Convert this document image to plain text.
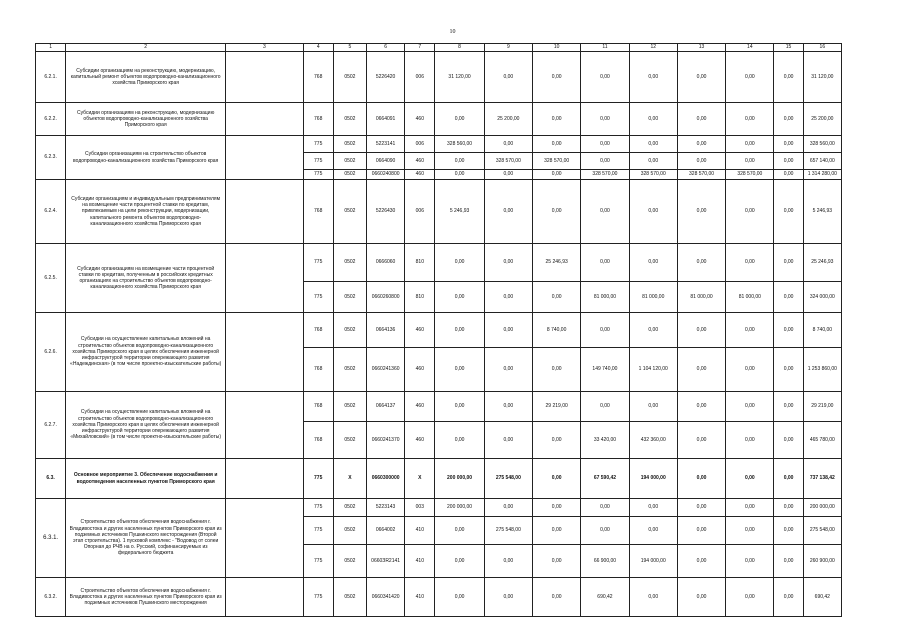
10
1	2	3	4	5	6	7	8	9	10	11	12	13	14	15	16
6.2.1.	Субсидии организациям на реконструкцию, модернизацию, капитальный ремонт объектов водопроводно-канализационного хозяйства Приморского края		768	0502	5226420	006	31 120,00	0,00	0,00	0,00	0,00	0,00	0,00	0,00	31 120,00
6.2.2.	Субсидии организациям на реконструкцию, модернизацию объектов водопроводно-канализационного хозяйства Приморского края		768	0502	0664091	460	0,00	25 200,00	0,00	0,00	0,00	0,00	0,00	0,00	25 200,00
6.2.3.	Субсидии организациям на строительство объектов водопроводно-канализационного хозяйства Приморского края		775	0502	5223141	006	328 560,00	0,00	0,00	0,00	0,00	0,00	0,00	0,00	328 560,00
			775	0502	0664090	460	0,00	328 570,00	328 570,00	0,00	0,00	0,00	0,00	0,00	657 140,00
			775	0502	0660240800	460	0,00	0,00	0,00	328 570,00	328 570,00	328 570,00	328 570,00	0,00	1 314 280,00
6.2.4.	Субсидии организациям и индивидуальным предпринимателям на возмещение части процентной ставки по кредитам, привлекаемым на цели реконструкции, модернизации, капитального ремонта объектов водопроводно-канализационного хозяйства Приморского края		768	0502	5226430	006	5 246,93	0,00	0,00	0,00	0,00	0,00	0,00	0,00	5 246,93
6.2.5.	Субсидии организациям на возмещение части процентной ставки по кредитам, полученным в российских кредитных организациях на строительство объектов водопроводно-канализационного хозяйства Приморского края		775	0502	0666060	810	0,00	0,00	25 246,93	0,00	0,00	0,00	0,00	0,00	25 246,93
			775	0502	0660260800	810	0,00	0,00	0,00	81 000,00	81 000,00	81 000,00	81 000,00	0,00	324 000,00
6.2.6.	Субсидии на осуществление капитальных вложений на строительство объектов водопроводно-канализационного хозяйства Приморского края в целях обеспечения инженерной инфраструктурой территории опережающего развития «Надеждинская» (в том числе проектно-изыскательские работы)		768	0502	0664136	460	0,00	0,00	8 740,00	0,00	0,00	0,00	0,00	0,00	8 740,00
			768	0502	0660241360	460	0,00	0,00	0,00	149 740,00	1 104 120,00	0,00	0,00	0,00	1 253 860,00
6.2.7.	Субсидии на осуществление капитальных вложений на строительство объектов водопроводно-канализационного хозяйства Приморского края в целях обеспечения инженерной инфраструктурой территории опережающего развития «Михайловский» (в том числе проектно-изыскательские работы)		768	0502	0664137	460	0,00	0,00	29 219,00	0,00	0,00	0,00	0,00	0,00	29 219,00
			768	0502	0660241370	460	0,00	0,00	0,00	33 420,00	432 360,00	0,00	0,00	0,00	465 780,00
6.3.	Основное мероприятие 3. Обеспечение водоснабжения и водоотведения населенных пунктов Приморского края		775	X	0660300000	X	200 000,00	275 548,00	0,00	67 590,42	194 000,00	0,00	0,00	0,00	737 138,42
6.3.1.	Строительство объектов обеспечения водоснабжения г. Владивостока и других населенных пунктов Приморского края из подземных источников Пушкинского месторождения (Второй этап строительства). 1 пусковой комплекс - "Водовод от солеи Опорная до РЧВ на о. Русский, софинансируемых из федерального бюджета		775	0502	5223143	003	200 000,00	0,00	0,00	0,00	0,00	0,00	0,00	0,00	200 000,00
			775	0502	0664002	410	0,00	275 548,00	0,00	0,00	0,00	0,00	0,00	0,00	275 548,00
			775	0502	0660ЗR2141	410	0,00	0,00	0,00	66 900,00	194 000,00	0,00	0,00	0,00	260 900,00
6.3.2.	Строительство объектов обеспечения водоснабжения г. Владивостока и других населенных пунктов Приморского края из подземных источников Пушкинского месторождения		775	0502	0660341420	410	0,00	0,00	0,00	690,42	0,00	0,00	0,00	0,00	690,42
